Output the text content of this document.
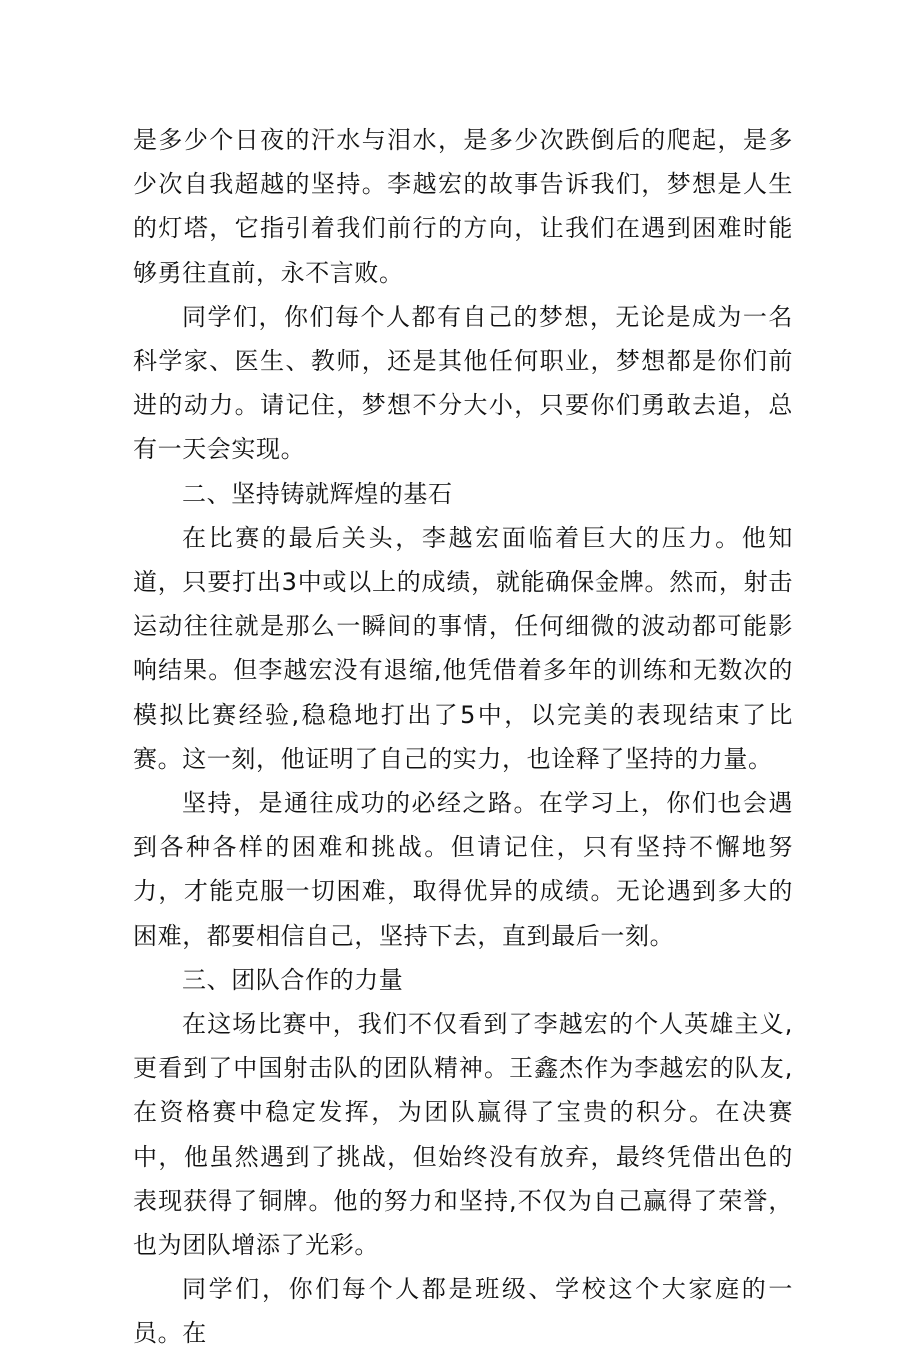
是多少个日夜的汗水与泪水，是多少次跌倒后的爬起，是多少次自我超越的坚持。李越宏的故事告诉我们，梦想是人生的灯塔，它指引着我们前行的方向，让我们在遇到困难时能够勇往直前，永不言败。

同学们，你们每个人都有自己的梦想，无论是成为一名科学家、医生、教师，还是其他任何职业，梦想都是你们前进的动力。请记住，梦想不分大小，只要你们勇敢去追，总有一天会实现。

二、坚持铸就辉煌的基石

在比赛的最后关头，李越宏面临着巨大的压力。他知道，只要打出3中或以上的成绩，就能确保金牌。然而，射击运动往往就是那么一瞬间的事情，任何细微的波动都可能影响结果。但李越宏没有退缩,他凭借着多年的训练和无数次的模拟比赛经验,稳稳地打出了5中，以完美的表现结束了比赛。这一刻，他证明了自己的实力，也诠释了坚持的力量。

坚持，是通往成功的必经之路。在学习上，你们也会遇到各种各样的困难和挑战。但请记住，只有坚持不懈地努力，才能克服一切困难，取得优异的成绩。无论遇到多大的困难，都要相信自己，坚持下去，直到最后一刻。

三、团队合作的力量

在这场比赛中，我们不仅看到了李越宏的个人英雄主义,更看到了中国射击队的团队精神。王鑫杰作为李越宏的队友,在资格赛中稳定发挥，为团队赢得了宝贵的积分。在决赛中，他虽然遇到了挑战，但始终没有放弃，最终凭借出色的表现获得了铜牌。他的努力和坚持,不仅为自己赢得了荣誉，也为团队增添了光彩。

同学们，你们每个人都是班级、学校这个大家庭的一员。在
